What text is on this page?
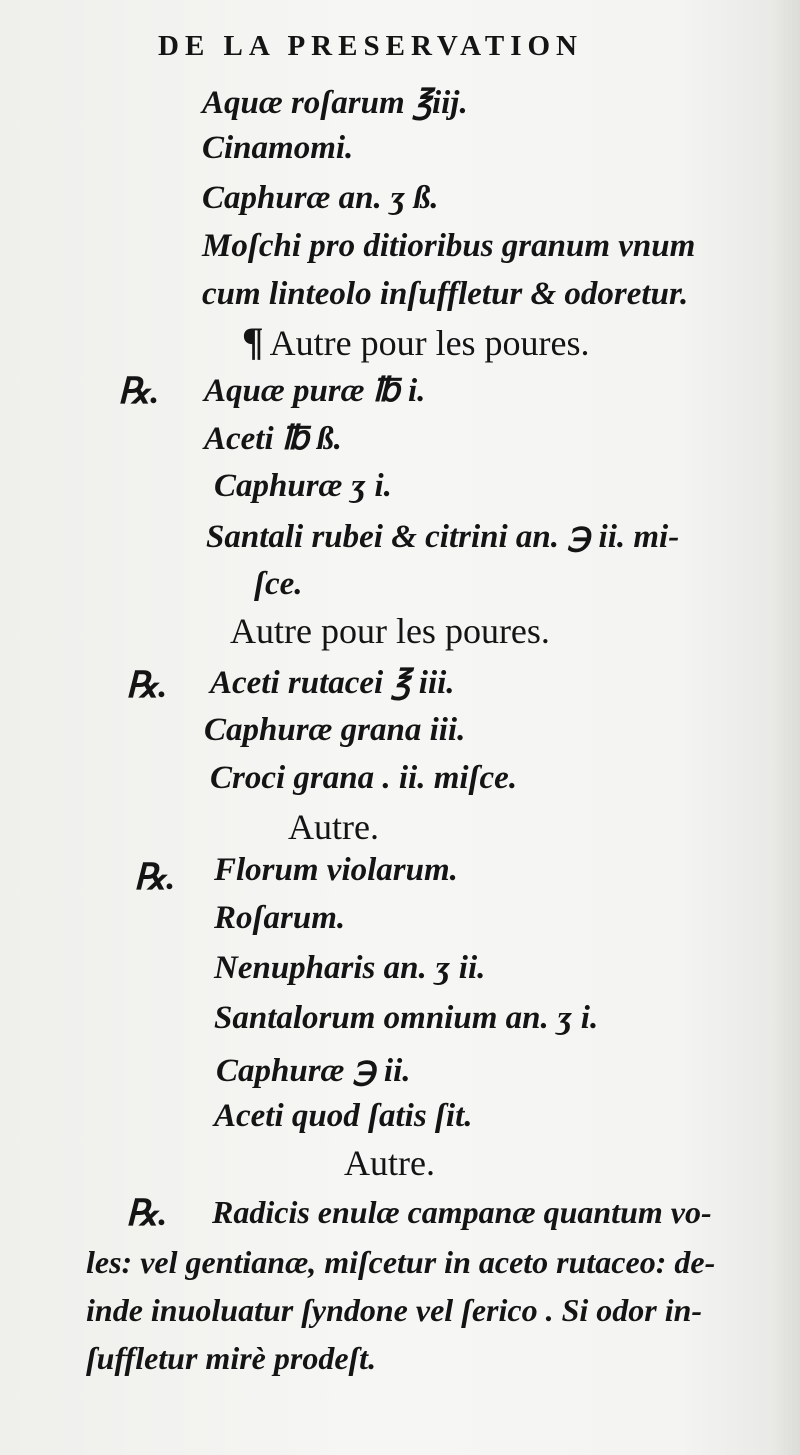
DE LA PRESERVATION
Aquæ roſarum ℥iij.
Cinamomi.
Caphuræ an. ʒ ß.
Moſchi pro ditioribus granum vnum
cum linteolo inſuffletur & odoretur.
¶ Autre pour les poures.
℞. Aquæ puræ ℔ i.
Aceti ℔ ß.
Caphuræ ʒ i.
Santali rubei & citrini an. ℈ ii. mi-
ſce.
Autre pour les poures.
℞. Aceti rutacei ℥ iii.
Caphuræ grana iii.
Croci grana . ii. miſce.
Autre.
℞. Florum violarum.
Roſarum.
Nenupharis an. ʒ ii.
Santalorum omnium an. ʒ i.
Caphuræ ℈ ii.
Aceti quod ſatis ſit.
Autre.
℞. Radicis enulæ campanæ quantum vo-
les: vel gentianæ, miſcetur in aceto rutaceo: de-
inde inuoluatur ſyndone vel ſerico . Si odor in-
ſuffletur mirè prodeſt.
